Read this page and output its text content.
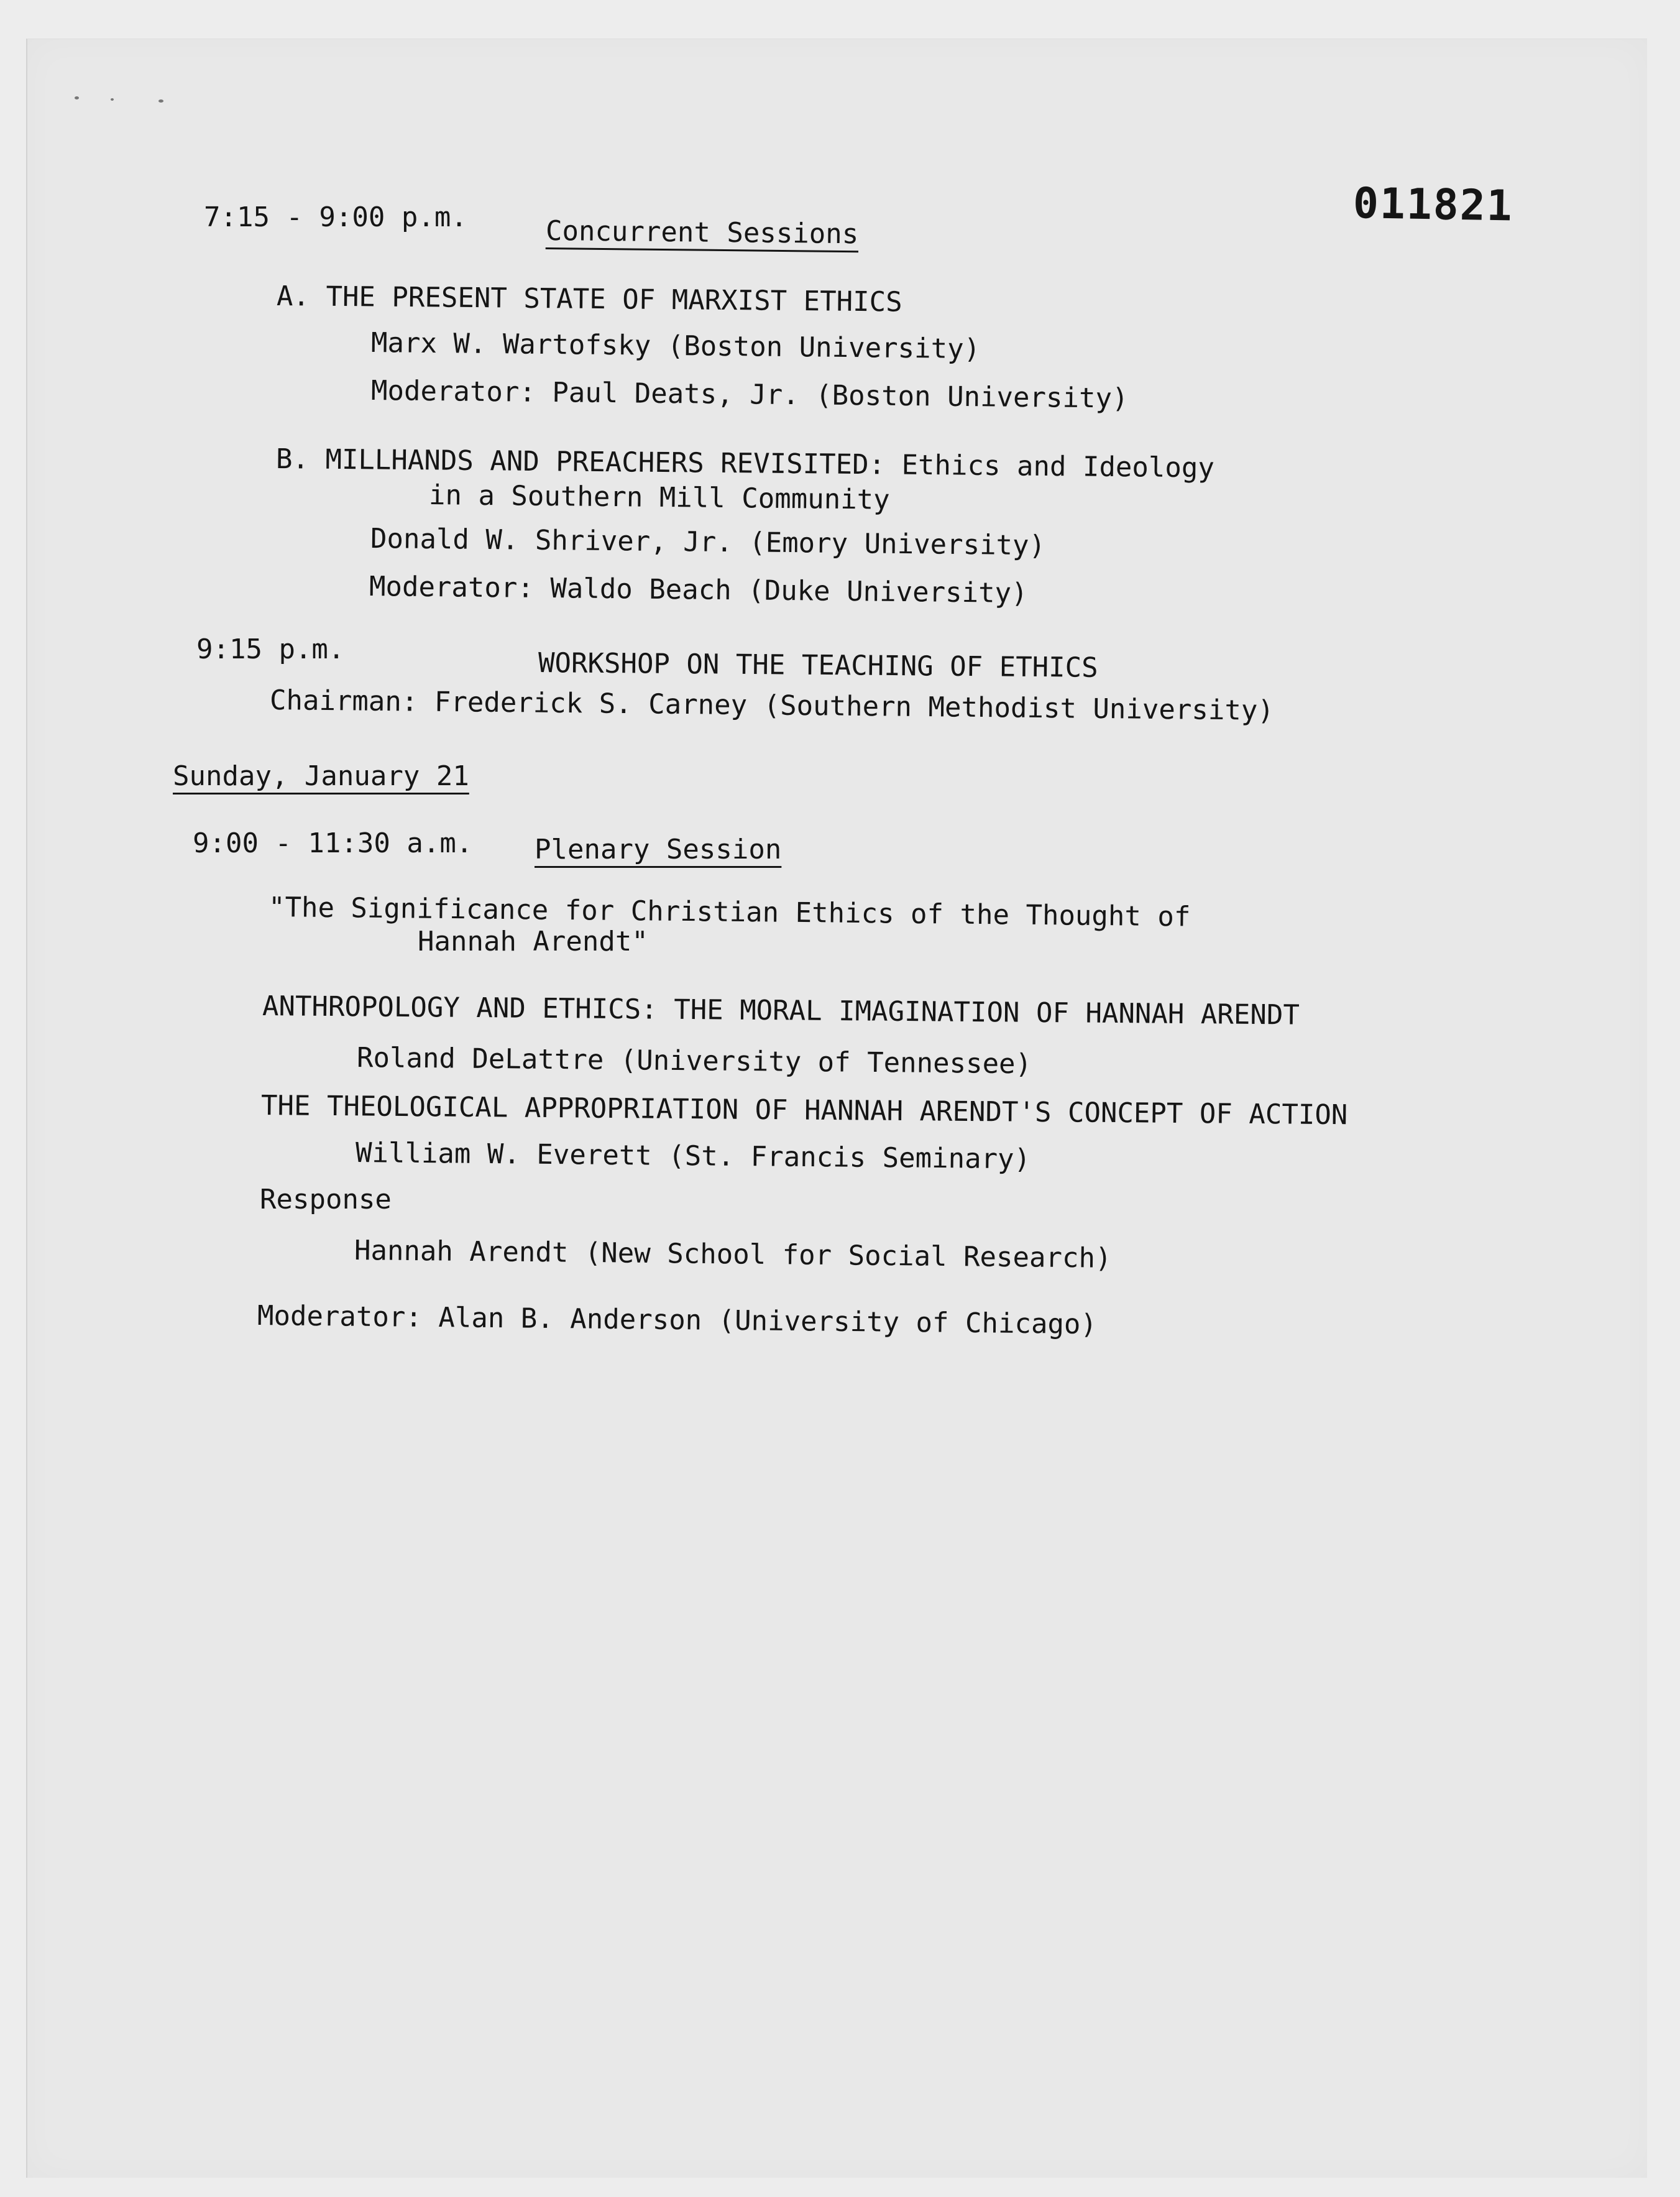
011821
7:15 - 9:00 p.m.	Concurrent Sessions
A. THE PRESENT STATE OF MARXIST ETHICS
Marx W. Wartofsky (Boston University)
Moderator: Paul Deats, Jr. (Boston University)
B. MILLHANDS AND PREACHERS REVISITED: Ethics and Ideology
in a Southern Mill Community
Donald W. Shriver, Jr. (Emory University)
Moderator: Waldo Beach (Duke University)
9:15 p.m.	WORKSHOP ON THE TEACHING OF ETHICS
Chairman: Frederick S. Carney (Southern Methodist University)
Sunday, January 21
9:00 - 11:30 a.m. Plenary Session
"The Significance for Christian Ethics of the Thought of
Hannah Arendt"
ANTHROPOLOGY AND ETHICS: THE MORAL IMAGINATION OF HANNAH ARENDT
Roland DeLattre (University of Tennessee)
THE THEOLOGICAL APPROPRIATION OF HANNAH ARENDT'S CONCEPT OF ACTION
William W. Everett (St. Francis Seminary)
Response
Hannah Arendt (New School for Social Research)
Moderator: Alan B. Anderson (University of Chicago)
